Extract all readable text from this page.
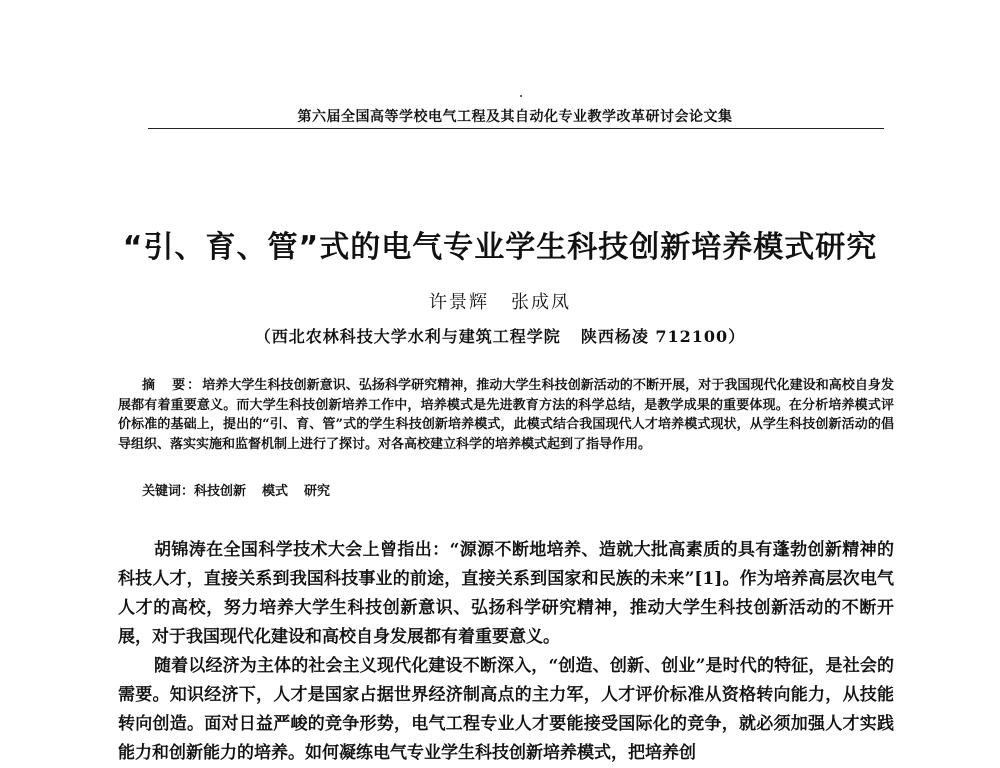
第六届全国高等学校电气工程及其自动化专业教学改革研讨会论文集
“引、育、管”式的电气专业学生科技创新培养模式研究
许景辉 张成凤
（西北农林科技大学水利与建筑工程学院 陕西杨凌 712100）

摘　要：培养大学生科技创新意识、弘扬科学研究精神，推动大学生科技创新活动的不断开展，对于我国现代化建设和高校自身发展都有着重要意义。而大学生科技创新培养工作中，培养模式是先进教育方法的科学总结，是教学成果的重要体现。在分析培养模式评价标准的基础上，提出的“引、育、管”式的学生科技创新培养模式，此模式结合我国现代人才培养模式现状，从学生科技创新活动的倡导组织、落实实施和监督机制上进行了探讨。对各高校建立科学的培养模式起到了指导作用。

关键词：科技创新 模式 研究

胡锦涛在全国科学技术大会上曾指出：“源源不断地培养、造就大批高素质的具有蓬勃创新精神的科技人才，直接关系到我国科技事业的前途，直接关系到国家和民族的未来”[1]。作为培养高层次电气人才的高校，努力培养大学生科技创新意识、弘扬科学研究精神，推动大学生科技创新活动的不断开展，对于我国现代化建设和高校自身发展都有着重要意义。

随着以经济为主体的社会主义现代化建设不断深入，“创造、创新、创业”是时代的特征，是社会的需要。知识经济下，人才是国家占据世界经济制高点的主力军，人才评价标准从资格转向能力，从技能转向创造。面对日益严峻的竞争形势，电气工程专业人才要能接受国际化的竞争，就必须加强人才实践能力和创新能力的培养。如何凝练电气专业学生科技创新培养模式，把培养创
